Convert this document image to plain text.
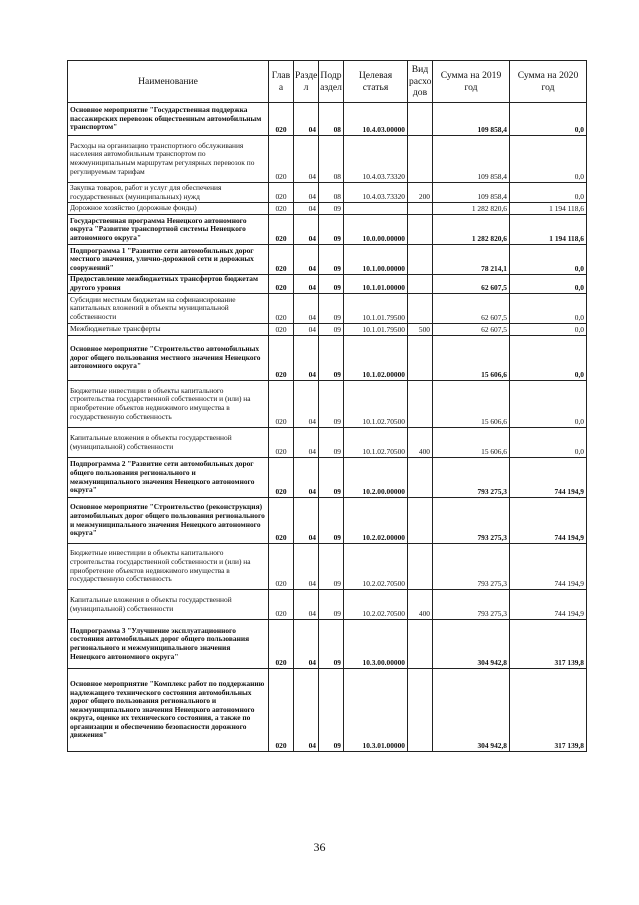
Наименование	Глав а	Разде л	Подр аздел	Целевая статья	Вид расхо дов	Сумма на 2019 год	Сумма на 2020 год
Основное мероприятие "Государственная поддержка пассажирских перевозок общественным автомобильным транспортом"	020	04	08	10.4.03.00000		109 858,4	0,0
Расходы на организацию транспортного обслуживания населения автомобильным транспортом по межмуниципальным маршрутам регулярных перевозок по регулируемым тарифам	020	04	08	10.4.03.73320		109 858,4	0,0
Закупка товаров, работ и услуг для обеспечения государственных (муниципальных) нужд	020	04	08	10.4.03.73320	200	109 858,4	0,0
Дорожное хозяйство (дорожные фонды)	020	04	09			1 282 820,6	1 194 118,6
Государственная программа Ненецкого автономного округа "Развитие транспортной системы Ненецкого автономного округа"	020	04	09	10.0.00.00000		1 282 820,6	1 194 118,6
Подпрограмма 1 "Развитие сети автомобильных дорог местного значения, улично-дорожной сети и дорожных сооружений"	020	04	09	10.1.00.00000		78 214,1	0,0
Предоставление межбюджетных трансфертов бюджетам другого уровня	020	04	09	10.1.01.00000		62 607,5	0,0
Субсидии местным бюджетам на софинансирование капитальных вложений в объекты муниципальной собственности	020	04	09	10.1.01.79500		62 607,5	0,0
Межбюджетные трансферты	020	04	09	10.1.01.79500	500	62 607,5	0,0
Основное мероприятие "Строительство автомобильных дорог общего пользования местного значения Ненецкого автономного округа"	020	04	09	10.1.02.00000		15 606,6	0,0
Бюджетные инвестиции в объекты капитального строительства государственной собственности и (или) на приобретение объектов недвижимого имущества в государственную собственность	020	04	09	10.1.02.70500		15 606,6	0,0
Капитальные вложения в объекты государственной (муниципальной) собственности	020	04	09	10.1.02.70500	400	15 606,6	0,0
Подпрограмма 2 "Развитие сети автомобильных дорог общего пользования регионального и межмуниципального значения Ненецкого автономного округа"	020	04	09	10.2.00.00000		793 275,3	744 194,9
Основное мероприятие "Строительство (реконструкция) автомобильных дорог общего пользования регионального и межмуниципального значения Ненецкого автономного округа"	020	04	09	10.2.02.00000		793 275,3	744 194,9
Бюджетные инвестиции в объекты капитального строительства государственной собственности и (или) на приобретение объектов недвижимого имущества в государственную собственность	020	04	09	10.2.02.70500		793 275,3	744 194,9
Капитальные вложения в объекты государственной (муниципальной) собственности	020	04	09	10.2.02.70500	400	793 275,3	744 194,9
Подпрограмма 3 "Улучшение эксплуатационного состояния автомобильных дорог общего пользования регионального и межмуниципального значения Ненецкого автономного округа"	020	04	09	10.3.00.00000		304 942,8	317 139,8
Основное мероприятие "Комплекс работ по поддержанию надлежащего технического состояния автомобильных дорог общего пользования регионального и межмуниципального значения Ненецкого автономного округа, оценке их технического состояния, а также по организации и обеспечению безопасности дорожного движения"	020	04	09	10.3.01.00000		304 942,8	317 139,8
36
